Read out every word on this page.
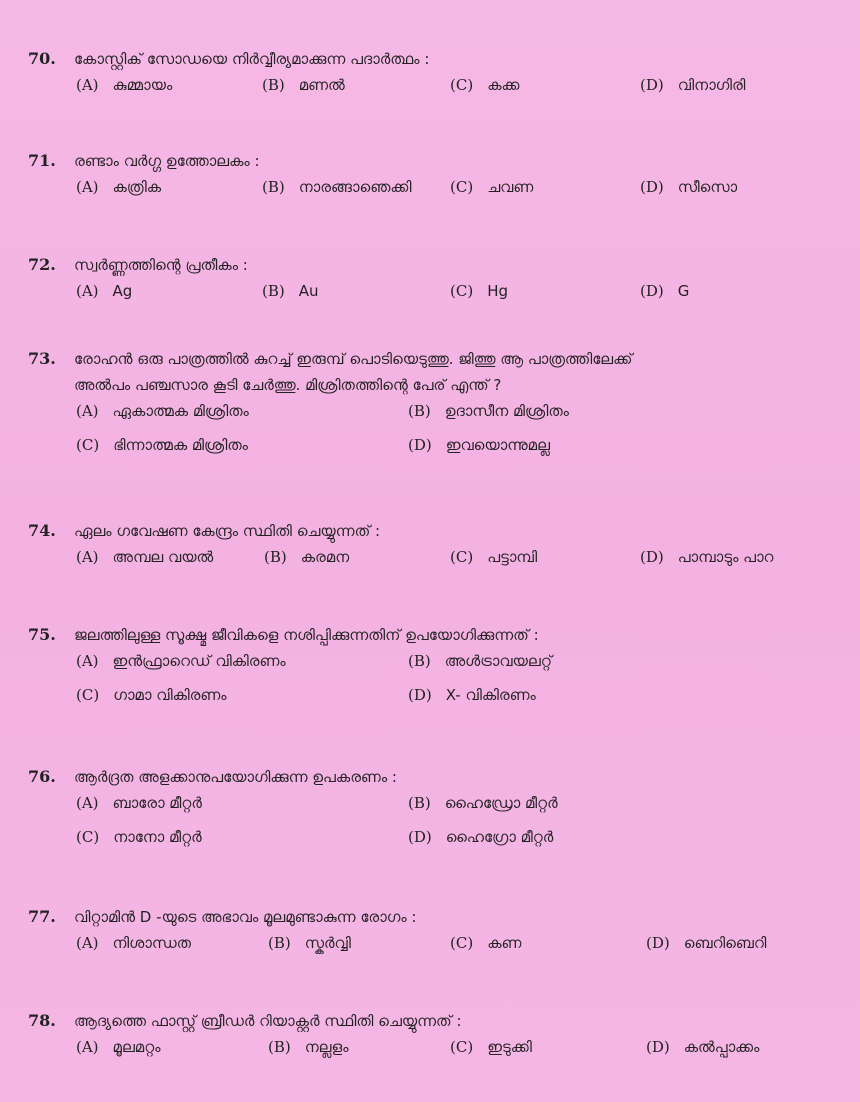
70.	കോസ്റ്റിക് സോഡയെ നിർവ്വീര്യമാക്കുന്ന പദാർത്ഥം :
(A) കുമ്മായം	(B) മണൽ	(C) കക്ക	(D) വിനാഗിരി
71.	രണ്ടാം വർഗ്ഗ ഉത്തോലകം :
(A) കത്രിക	(B) നാരങ്ങാഞെക്കി	(C) ചവണ	(D) സീസൊ
72.	സ്വർണ്ണത്തിന്റെ പ്രതീകം :
(A) Ag	(B) Au	(C) Hg	(D) G
73.	രോഹൻ ഒരു പാത്രത്തിൽ കുറച്ച് ഇരുമ്പ് പൊടിയെടുത്തു. ജിത്തു ആ പാത്രത്തിലേക്ക്
അൽപം പഞ്ചസാര കൂടി ചേർത്തു. മിശ്രിതത്തിന്റെ പേര് എന്ത് ?
(A) ഏകാത്മക മിശ്രിതം	(B) ഉദാസീന മിശ്രിതം
(C) ഭിന്നാത്മക മിശ്രിതം	(D) ഇവയൊന്നുമല്ല
74.	ഏലം ഗവേഷണ കേന്ദ്രം സ്ഥിതി ചെയ്യുന്നത് :
(A) അമ്പല വയൽ	(B) കരമന	(C) പട്ടാമ്പി	(D) പാമ്പാടും പാറ
75.	ജലത്തിലുള്ള സൂക്ഷ്മ ജീവികളെ നശിപ്പിക്കുന്നതിന് ഉപയോഗിക്കുന്നത് :
(A) ഇൻഫ്രാറെഡ് വികിരണം	(B) അൾട്രാവയലറ്റ്
(C) ഗാമാ വികിരണം	(D) X- വികിരണം
76.	ആർദ്രത അളക്കാനുപയോഗിക്കുന്ന ഉപകരണം :
(A) ബാരോ മീറ്റർ	(B) ഹൈഡ്രോ മീറ്റർ
(C) നാനോ മീറ്റർ	(D) ഹൈഗ്രോ മീറ്റർ
77.	വിറ്റാമിൻ D -യുടെ അഭാവം മൂലമുണ്ടാകുന്ന രോഗം :
(A) നിശാന്ധത	(B) സ്കർവ്വി	(C) കണ	(D) ബെറിബെറി
78.	ആദ്യത്തെ ഫാസ്റ്റ് ബ്രീഡർ റിയാക്റ്റർ സ്ഥിതി ചെയ്യുന്നത് :
(A) മൂലമറ്റം	(B) നല്ലളം	(C) ഇടുക്കി	(D) കൽപ്പാക്കം
